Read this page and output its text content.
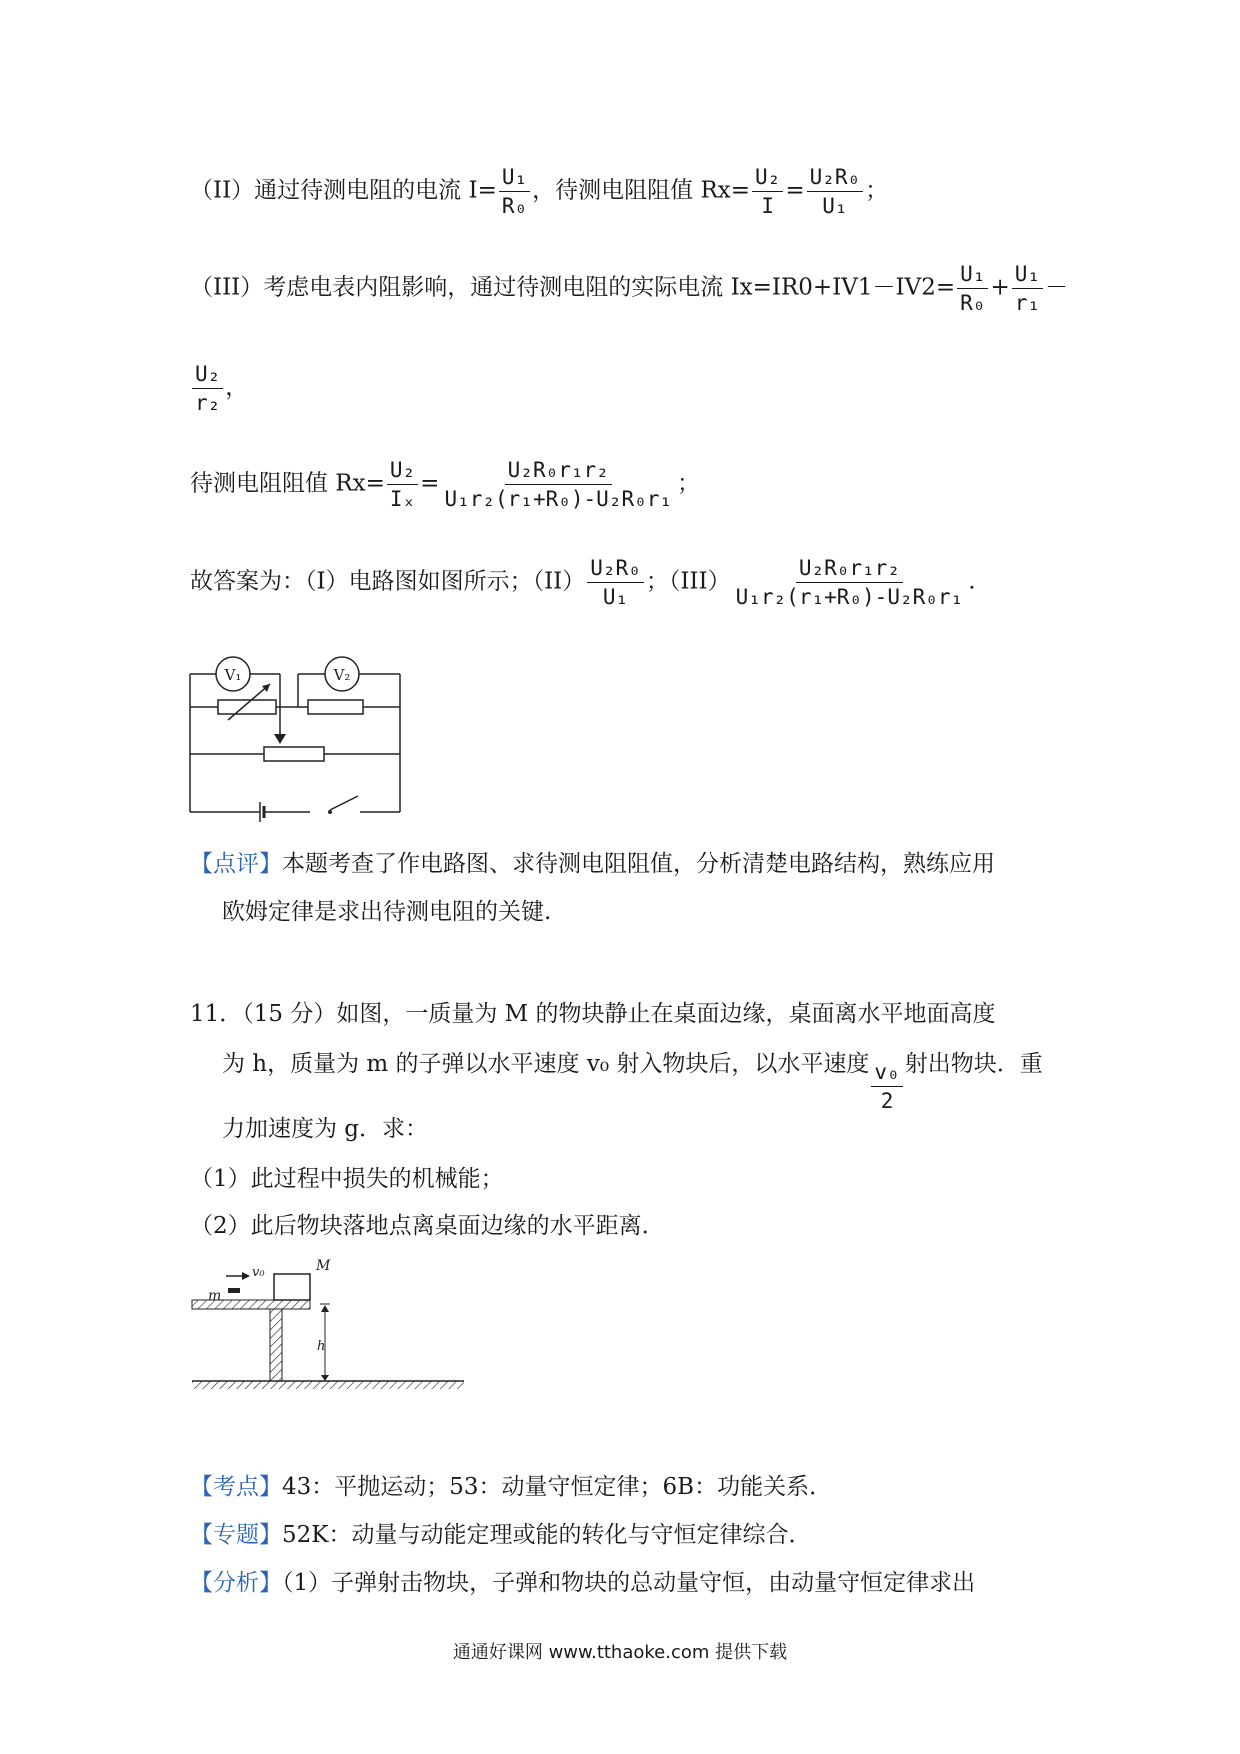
（II）通过待测电阻的电流 $I= \frac{\text{U₁}}{\text{R₀}}$ ，待测电阻阻值 $Rx= \frac{\text{U₂}}{I} = \frac{\text{U₂R₀}}{\text{U₁}}$ ；
（III）考虑电表内阻影响，通过待测电阻的实际电流 $Ix=IR0+IV1-IV2= \frac{\text{U₁}}{\text{R₀}} + \frac{\text{U₁}}{\text{r₁}}$ －
$\frac{\text{U₂}}{\text{r₂}}$ ，
待测电阻阻值 $Rx= \frac{\text{U₂}}{\text{Iₓ}} = \frac{\text{U₂R₀r₁r₂}}{\text{U₁r₂(r₁+R₀)-U₂R₀r₁}}$ ；
故答案为：（I）电路图如图所示；$(II) \frac{\text{U₂R₀}}{\text{U₁}}$ ；$(III) \frac{\text{U₂R₀r₁r₂}}{\text{U₁r₂(r₁+R₀)-U₂R₀r₁}}$ .
V₁	V₂
【点评】本题考查了作电路图、求待测电阻阻值，分析清楚电路结构，熟练应用
欧姆定律是求出待测电阻的关键.
11．（15 分）如图，一质量为 M 的物块静止在桌面边缘，桌面离水平地面高度
为 h，质量为 m 的子弹以水平速度 v₀ 射入物块后，以水平速度 $\frac{\text{v₀}}{2}$ 射出物块．重
力加速度为 g．求：
（1）此过程中损失的机械能；
（2）此后物块落地点离桌面边缘的水平距离．
v₀
m
M
h
【考点】43：平抛运动；53：动量守恒定律；6B：功能关系．
【专题】52K：动量与动能定理或能的转化与守恒定律综合．
【分析】（1）子弹射击物块，子弹和物块的总动量守恒，由动量守恒定律求出
通通好课网 www.tthaoke.com 提供下载
